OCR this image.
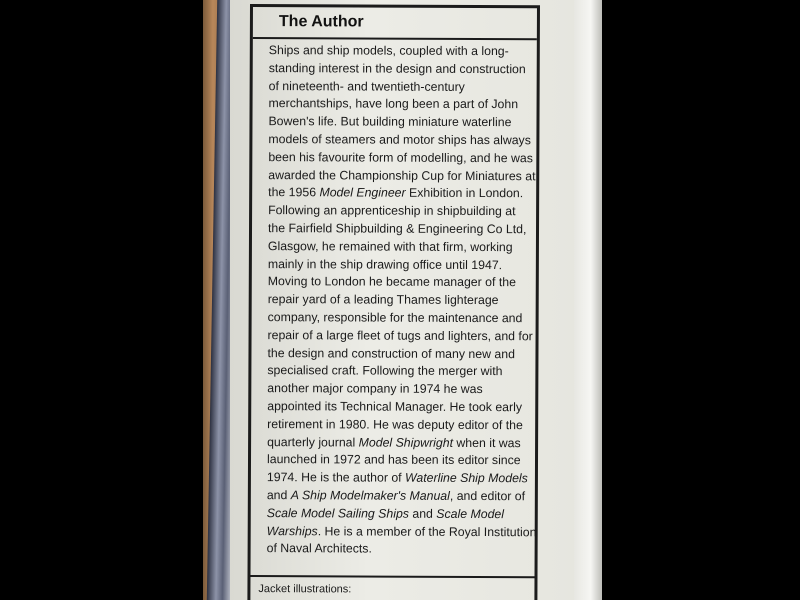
The Author
Ships and ship models, coupled with a long-
standing interest in the design and construction
of nineteenth- and twentieth-century
merchantships, have long been a part of John
Bowen's life. But building miniature waterline
models of steamers and motor ships has always
been his favourite form of modelling, and he was
awarded the Championship Cup for Miniatures at
the 1956 Model Engineer Exhibition in London.
Following an apprenticeship in shipbuilding at
the Fairfield Shipbuilding & Engineering Co Ltd,
Glasgow, he remained with that firm, working
mainly in the ship drawing office until 1947.
Moving to London he became manager of the
repair yard of a leading Thames lighterage
company, responsible for the maintenance and
repair of a large fleet of tugs and lighters, and for
the design and construction of many new and
specialised craft. Following the merger with
another major company in 1974 he was
appointed its Technical Manager. He took early
retirement in 1980. He was deputy editor of the
quarterly journal Model Shipwright when it was
launched in 1972 and has been its editor since
1974. He is the author of Waterline Ship Models
and A Ship Modelmaker's Manual, and editor of
Scale Model Sailing Ships and Scale Model
Warships. He is a member of the Royal Institution
of Naval Architects.
Jacket illustrations:
